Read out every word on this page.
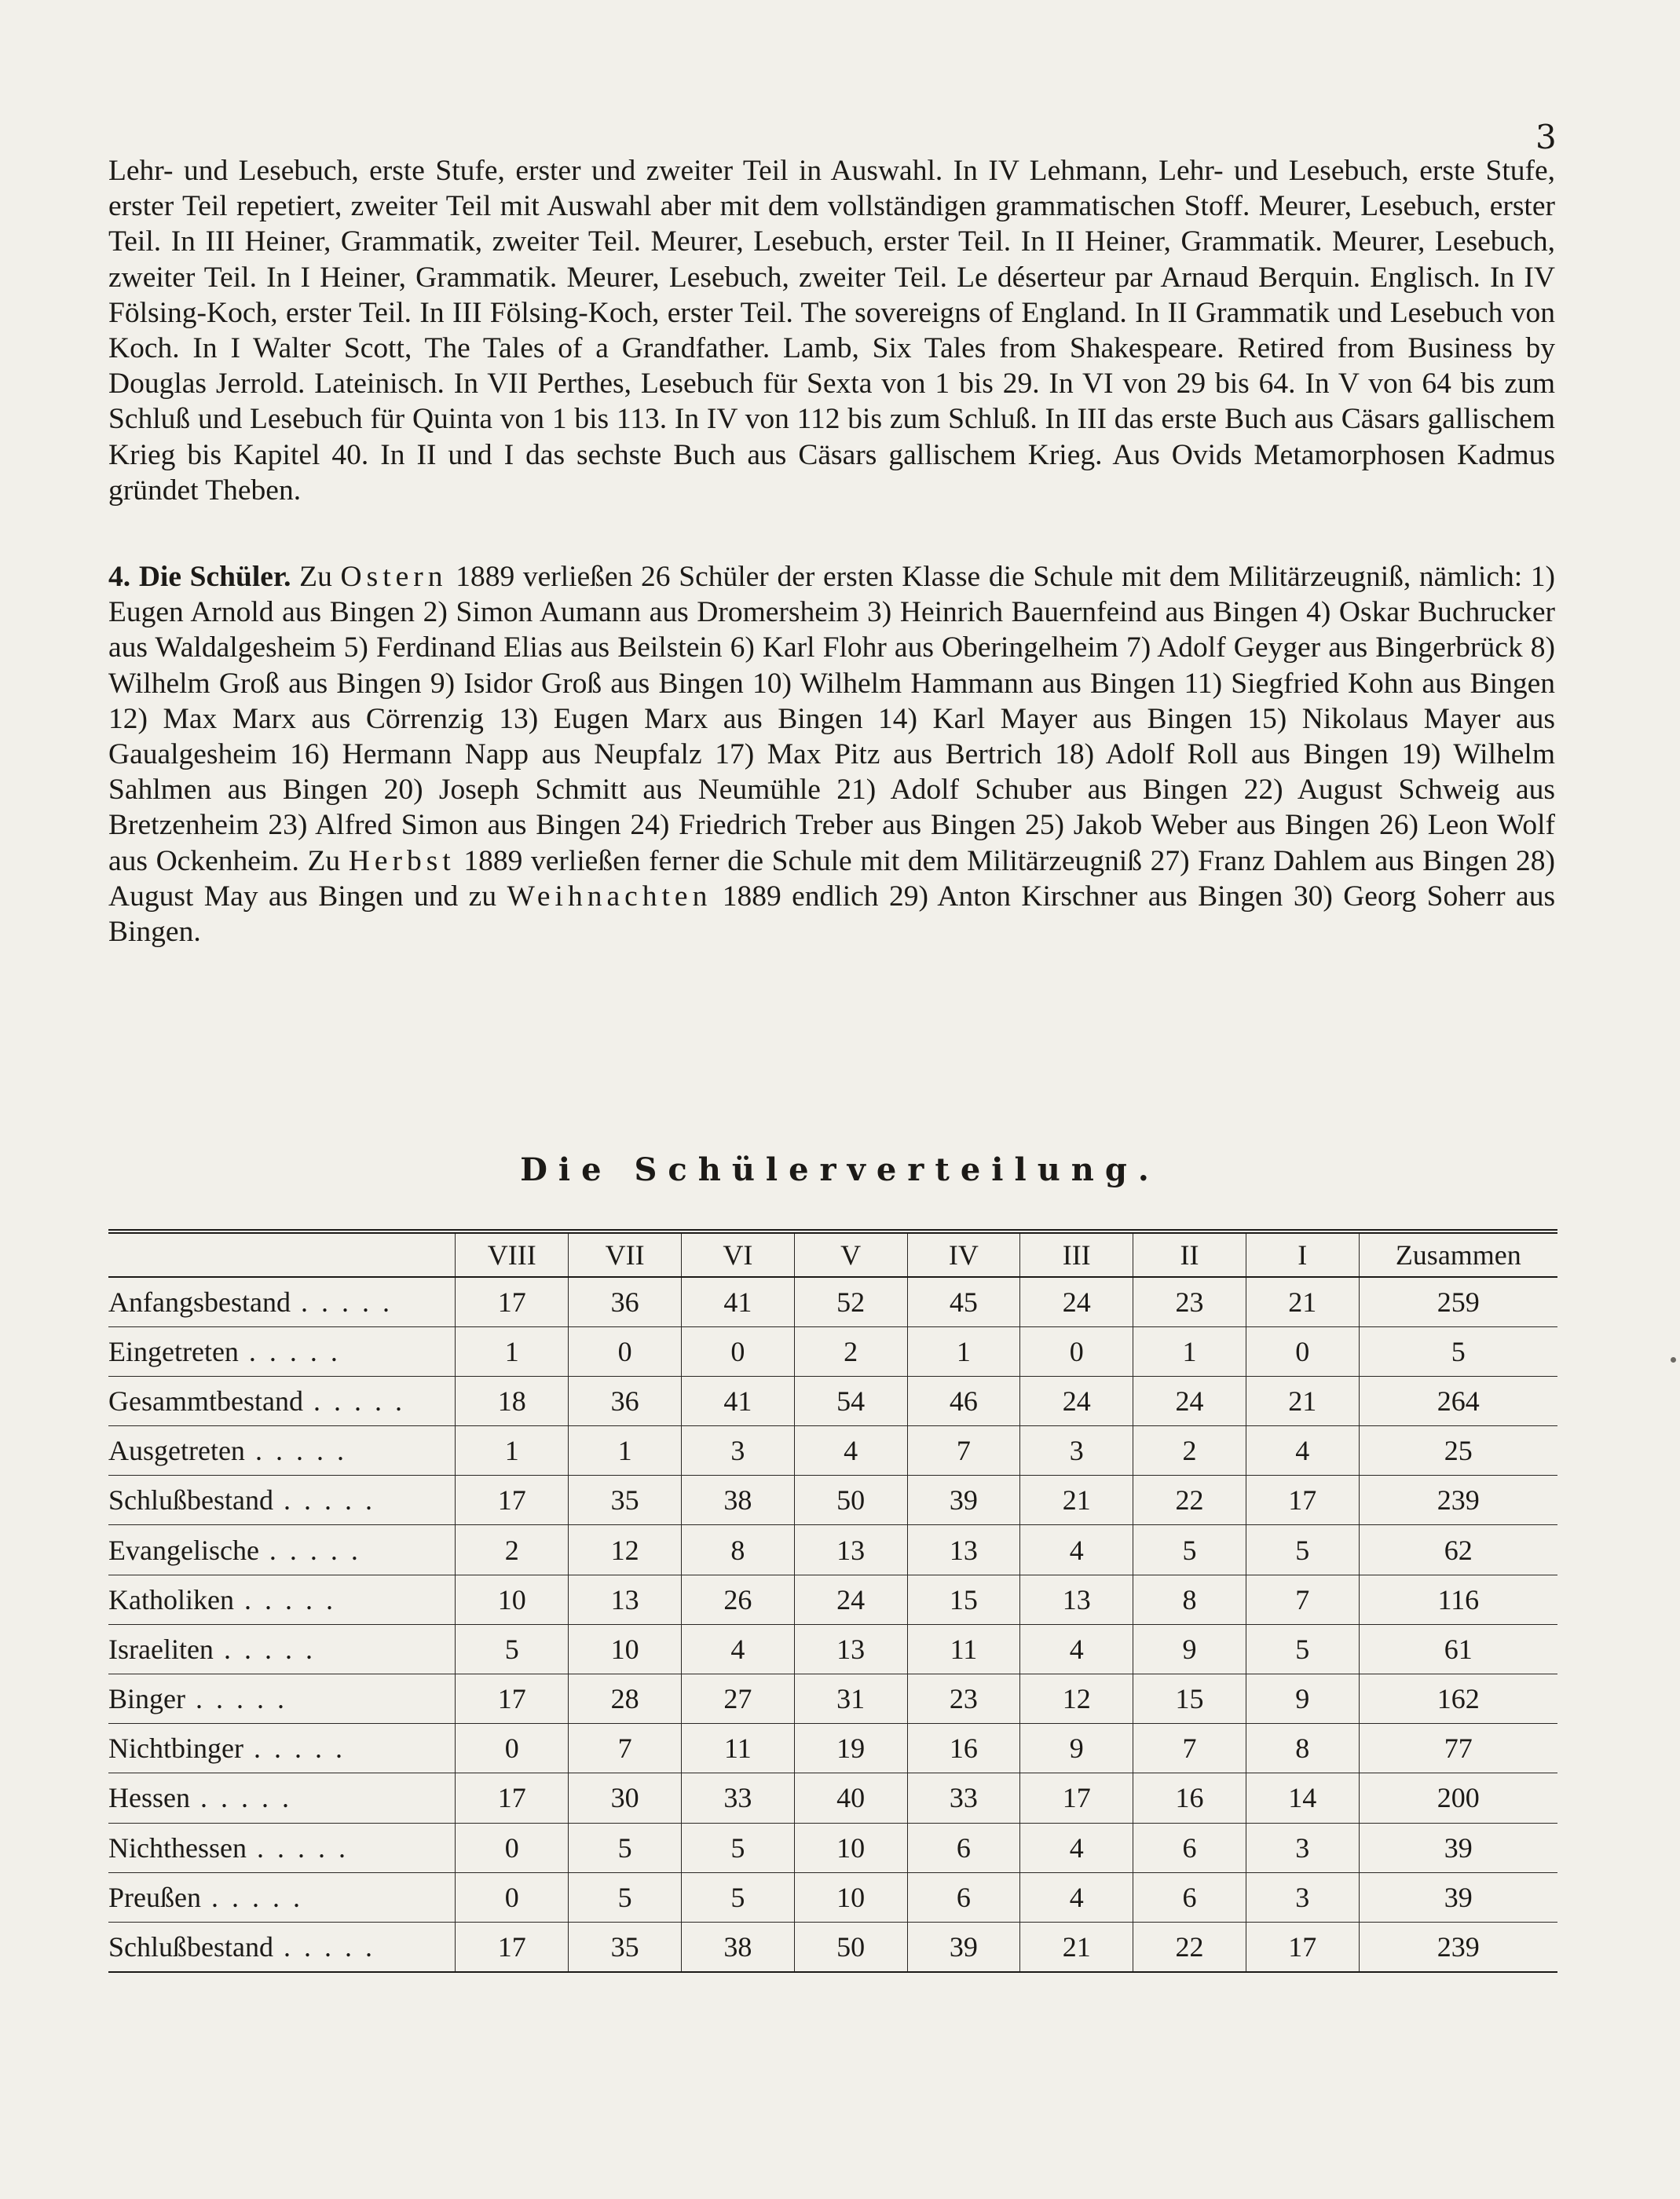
3

Lehr- und Lesebuch, erste Stufe, erster und zweiter Teil in Auswahl. In IV Lehmann, Lehr- und Lesebuch, erste Stufe, erster Teil repetiert, zweiter Teil mit Auswahl aber mit dem vollständigen grammatischen Stoff. Meurer, Lesebuch, erster Teil. In III Heiner, Grammatik, zweiter Teil. Meurer, Lesebuch, erster Teil. In II Heiner, Grammatik. Meurer, Lesebuch, zweiter Teil. In I Heiner, Grammatik. Meurer, Lesebuch, zweiter Teil. Le déserteur par Arnaud Berquin. Englisch. In IV Fölsing-Koch, erster Teil. In III Fölsing-Koch, erster Teil. The sovereigns of England. In II Grammatik und Lesebuch von Koch. In I Walter Scott, The Tales of a Grandfather. Lamb, Six Tales from Shakespeare. Retired from Business by Douglas Jerrold. Lateinisch. In VII Perthes, Lesebuch für Sexta von 1 bis 29. In VI von 29 bis 64. In V von 64 bis zum Schluß und Lesebuch für Quinta von 1 bis 113. In IV von 112 bis zum Schluß. In III das erste Buch aus Cäsars gallischem Krieg bis Kapitel 40. In II und I das sechste Buch aus Cäsars gallischem Krieg. Aus Ovids Metamorphosen Kadmus gründet Theben.

4. Die Schüler. Zu Ostern 1889 verließen 26 Schüler der ersten Klasse die Schule mit dem Militärzeugniß, nämlich: 1) Eugen Arnold aus Bingen 2) Simon Aumann aus Dromersheim 3) Heinrich Bauernfeind aus Bingen 4) Oskar Buchrucker aus Waldalgesheim 5) Ferdinand Elias aus Beilstein 6) Karl Flohr aus Oberingelheim 7) Adolf Geyger aus Bingerbrück 8) Wilhelm Groß aus Bingen 9) Isidor Groß aus Bingen 10) Wilhelm Hammann aus Bingen 11) Siegfried Kohn aus Bingen 12) Max Marx aus Cörrenzig 13) Eugen Marx aus Bingen 14) Karl Mayer aus Bingen 15) Nikolaus Mayer aus Gaualgesheim 16) Hermann Napp aus Neupfalz 17) Max Pitz aus Bertrich 18) Adolf Roll aus Bingen 19) Wilhelm Sahlmen aus Bingen 20) Joseph Schmitt aus Neumühle 21) Adolf Schuber aus Bingen 22) August Schweig aus Bretzenheim 23) Alfred Simon aus Bingen 24) Friedrich Treber aus Bingen 25) Jakob Weber aus Bingen 26) Leon Wolf aus Ockenheim. Zu Herbst 1889 verließen ferner die Schule mit dem Militärzeugniß 27) Franz Dahlem aus Bingen 28) August May aus Bingen und zu Weihnachten 1889 endlich 29) Anton Kirschner aus Bingen 30) Georg Soherr aus Bingen.

Die Schülerverteilung.
	VIII	VII	VI	V	IV	III	II	I	Zusammen
Anfangsbestand . .	17	36	41	52	45	24	23	21	259
Eingetreten . .	1	0	0	2	1	0	1	0	5
Gesammtbestand . .	18	36	41	54	46	24	24	21	264
Ausgetreten . .	1	1	3	4	7	3	2	4	25
Schlußbestand . .	17	35	38	50	39	21	22	17	239
Evangelische . .	2	12	8	13	13	4	5	5	62
Katholiken . .	10	13	26	24	15	13	8	7	116
Israeliten . .	5	10	4	13	11	4	9	5	61
Binger . .	17	28	27	31	23	12	15	9	162
Nichtbinger . .	0	7	11	19	16	9	7	8	77
Hessen . .	17	30	33	40	33	17	16	14	200
Nichthessen . .	0	5	5	10	6	4	6	3	39
Preußen . .	0	5	5	10	6	4	6	3	39
Schlußbestand . .	17	35	38	50	39	21	22	17	239
